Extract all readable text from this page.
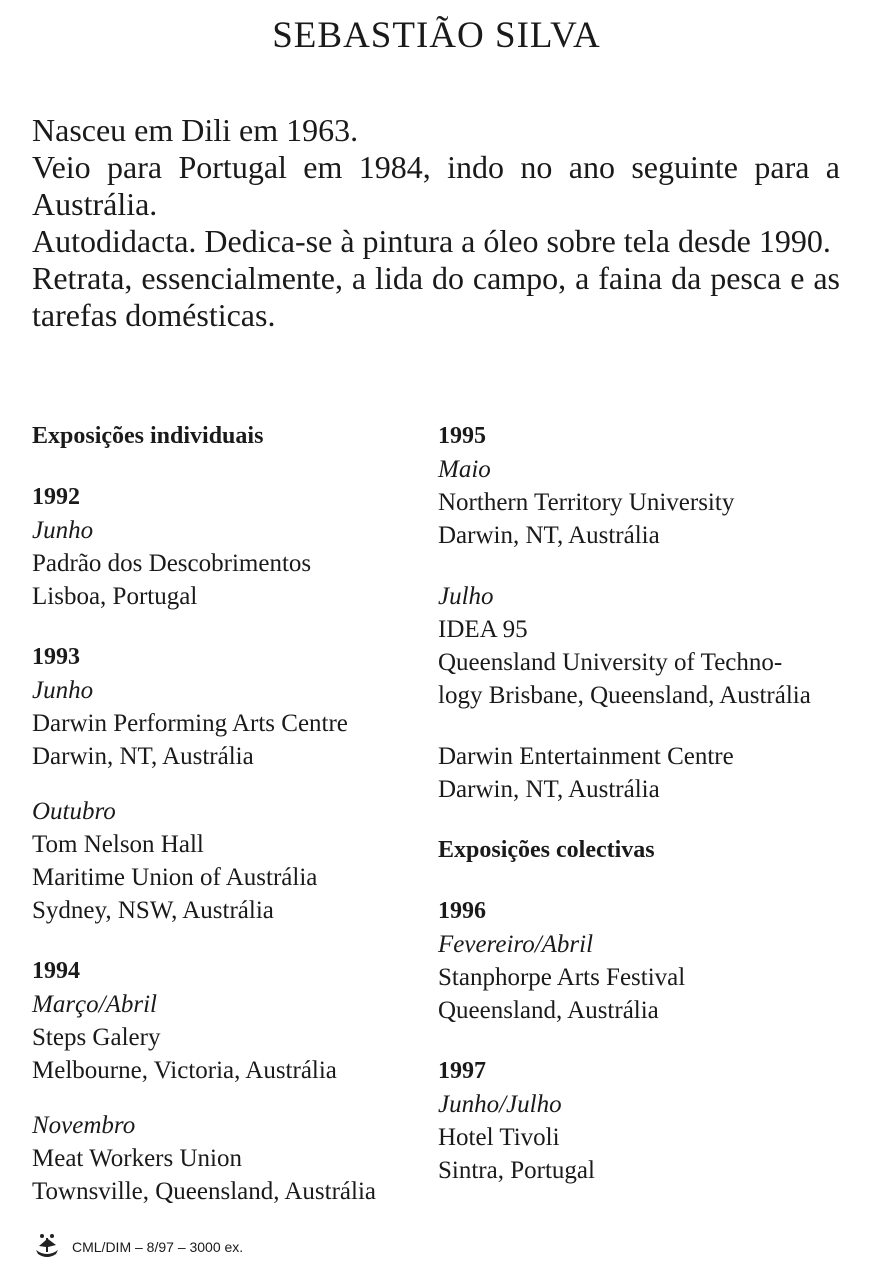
SEBASTIÃO SILVA

Nasceu em Dili em 1963.

Veio para Portugal em 1984, indo no ano seguinte para a Austrália.

Autodidacta. Dedica-se à pintura a óleo sobre tela desde 1990.

Retrata, essencialmente, a lida do campo, a faina da pesca e as tarefas domésticas.

Exposições individuais
1992
Junho
Padrão dos Descobrimentos
Lisboa, Portugal
1993
Junho
Darwin Performing Arts Centre
Darwin, NT, Austrália
Outubro
Tom Nelson Hall
Maritime Union of Austrália
Sydney, NSW, Austrália
1994
Março/Abril
Steps Galery
Melbourne, Victoria, Austrália
Novembro
Meat Workers Union
Townsville, Queensland, Austrália
1995
Maio
Northern Territory University
Darwin, NT, Austrália
Julho
IDEA 95
Queensland University of Techno-
logy Brisbane, Queensland, Austrália
Darwin Entertainment Centre
Darwin, NT, Austrália
Exposições colectivas
1996
Fevereiro/Abril
Stanphorpe Arts Festival
Queensland, Austrália
1997
Junho/Julho
Hotel Tivoli
Sintra, Portugal
CML/DIM – 8/97 – 3000 ex.
